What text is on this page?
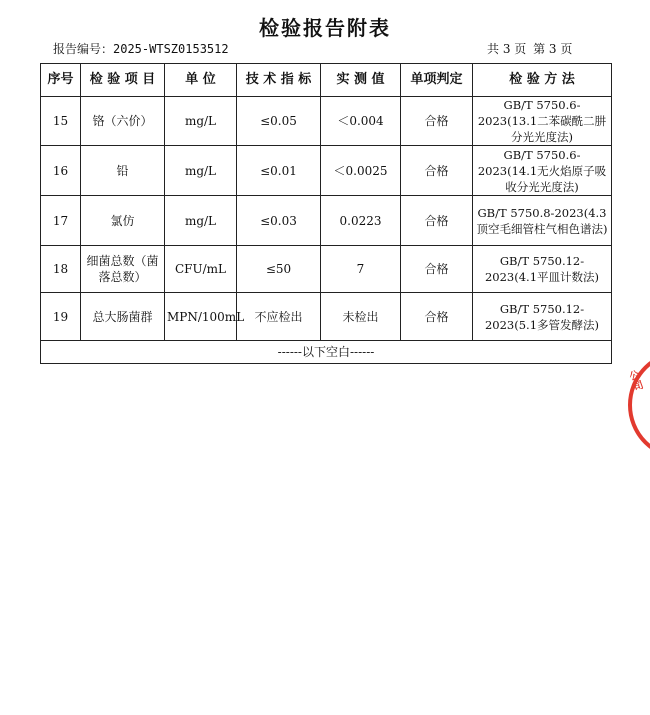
检验报告附表
报告编号：2025-WTSZ0153512	共 3 页 第 3 页
序号	检 验 项 目	单 位	技 术 指 标	实 测 值	单项判定	检 验 方 法
15	铬（六价）	mg/L	≤0.05	＜0.004	合格	GB/T 5750.6-2023(13.1二苯碳酰二肼分光光度法)
16	铅	mg/L	≤0.01	＜0.0025	合格	GB/T 5750.6-2023(14.1无火焰原子吸收分光光度法)
17	氯仿	mg/L	≤0.03	0.0223	合格	GB/T 5750.8-2023(4.3顶空毛细管柱气相色谱法)
18	细菌总数（菌落总数）	CFU/mL	≤50	7	合格	GB/T 5750.12-2023(4.1平皿计数法)
19	总大肠菌群	MPN/100mL	不应检出	未检出	合格	GB/T 5750.12-2023(5.1多管发酵法)
------以下空白------						
公司
